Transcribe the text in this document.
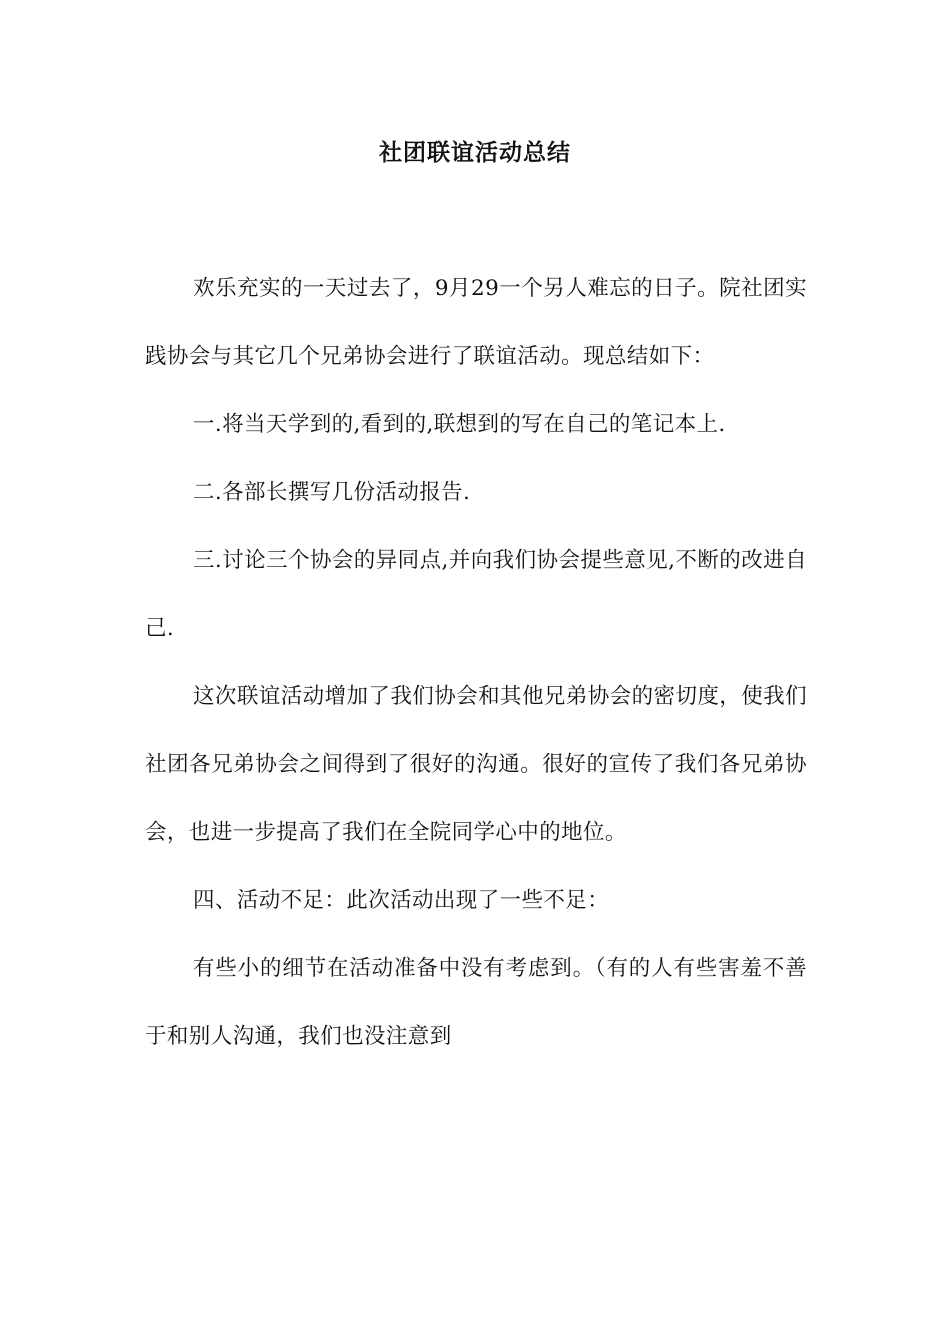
社团联谊活动总结

欢乐充实的一天过去了，9月29一个另人难忘的日子。院社团实践协会与其它几个兄弟协会进行了联谊活动。现总结如下：

一.将当天学到的,看到的,联想到的写在自己的笔记本上.

二.各部长撰写几份活动报告.

三.讨论三个协会的异同点,并向我们协会提些意见,不断的改进自己.

这次联谊活动增加了我们协会和其他兄弟协会的密切度，使我们社团各兄弟协会之间得到了很好的沟通。很好的宣传了我们各兄弟协会，也进一步提高了我们在全院同学心中的地位。

四、活动不足：此次活动出现了一些不足：

有些小的细节在活动准备中没有考虑到。（有的人有些害羞不善于和别人沟通，我们也没注意到
